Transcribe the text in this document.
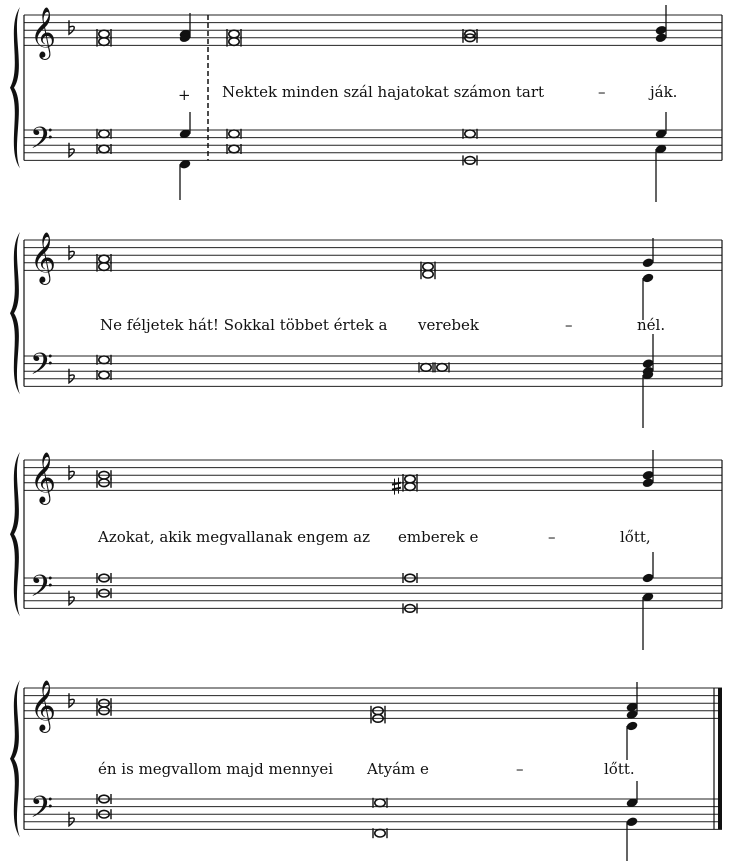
𝄞
𝄢
𝄞
𝄢
𝄞
𝄢
𝄞
𝄢
+ Nektek minden szál hajatokat számon tart	–	ják.
Ne féljetek hát! Sokkal többet értek a verebek	–	nél.
Azokat, akik megvallanak engem az emberek e	–	lőtt,
én is megvallom majd mennyei Atyám e	–	lőtt.
